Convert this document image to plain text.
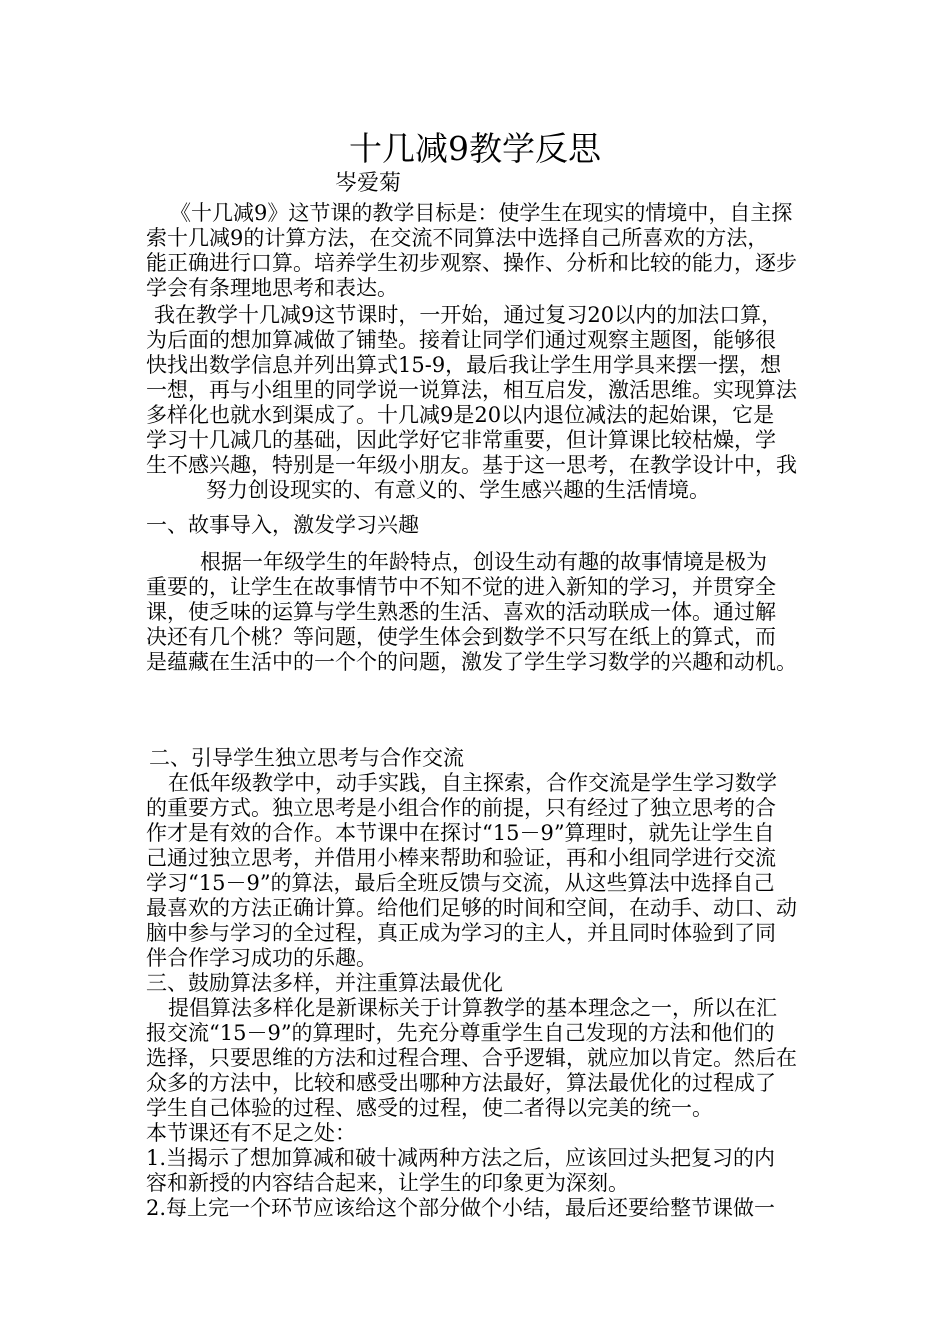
十几减9教学反思
岑爱菊
《十几减9》这节课的教学目标是：使学生在现实的情境中，自主探
索十几减9的计算方法，在交流不同算法中选择自己所喜欢的方法，
能正确进行口算。培养学生初步观察、操作、分析和比较的能力，逐步
学会有条理地思考和表达。
我在教学十几减9这节课时，一开始，通过复习20以内的加法口算，
为后面的想加算减做了铺垫。接着让同学们通过观察主题图，能够很
快找出数学信息并列出算式15-9，最后我让学生用学具来摆一摆，想
一想，再与小组里的同学说一说算法，相互启发，激活思维。实现算法
多样化也就水到渠成了。十几减9是20以内退位减法的起始课，它是
学习十几减几的基础，因此学好它非常重要，但计算课比较枯燥，学
生不感兴趣，特别是一年级小朋友。基于这一思考，在教学设计中，我
努力创设现实的、有意义的、学生感兴趣的生活情境。
一、故事导入，激发学习兴趣
根据一年级学生的年龄特点，创设生动有趣的故事情境是极为
重要的，让学生在故事情节中不知不觉的进入新知的学习，并贯穿全
课，使乏味的运算与学生熟悉的生活、喜欢的活动联成一体。通过解
决还有几个桃？等问题，使学生体会到数学不只写在纸上的算式，而
是蕴藏在生活中的一个个的问题，激发了学生学习数学的兴趣和动机。
二、引导学生独立思考与合作交流
在低年级教学中，动手实践，自主探索，合作交流是学生学习数学
的重要方式。独立思考是小组合作的前提，只有经过了独立思考的合
作才是有效的合作。本节课中在探讨“15－9”算理时，就先让学生自
己通过独立思考，并借用小棒来帮助和验证，再和小组同学进行交流
学习“15－9”的算法，最后全班反馈与交流，从这些算法中选择自己
最喜欢的方法正确计算。给他们足够的时间和空间，在动手、动口、动
脑中参与学习的全过程，真正成为学习的主人，并且同时体验到了同
伴合作学习成功的乐趣。
三、鼓励算法多样，并注重算法最优化
提倡算法多样化是新课标关于计算教学的基本理念之一，所以在汇
报交流“15－9”的算理时，先充分尊重学生自己发现的方法和他们的
选择，只要思维的方法和过程合理、合乎逻辑，就应加以肯定。然后在
众多的方法中，比较和感受出哪种方法最好，算法最优化的过程成了
学生自己体验的过程、感受的过程，使二者得以完美的统一。
本节课还有不足之处：
1.当揭示了想加算减和破十减两种方法之后，应该回过头把复习的内
容和新授的内容结合起来，让学生的印象更为深刻。
2.每上完一个环节应该给这个部分做个小结，最后还要给整节课做一
